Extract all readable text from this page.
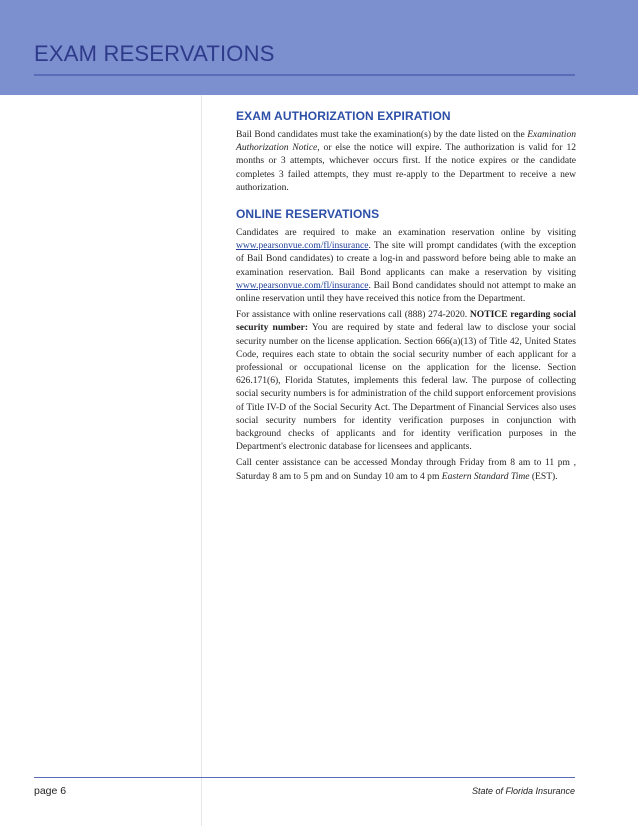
EXAM RESERVATIONS
EXAM AUTHORIZATION EXPIRATION

Bail Bond candidates must take the examination(s) by the date listed on the Examination Authorization Notice, or else the notice will expire. The authorization is valid for 12 months or 3 attempts, whichever occurs first. If the notice expires or the candidate completes 3 failed attempts, they must re-apply to the Department to receive a new authorization.

ONLINE RESERVATIONS

Candidates are required to make an examination reservation online by visiting www.pearsonvue.com/fl/insurance. The site will prompt candidates (with the exception of Bail Bond candidates) to create a log-in and password before being able to make an examination reservation. Bail Bond applicants can make a reservation by visiting www.pearsonvue.com/fl/insurance. Bail Bond candidates should not attempt to make an online reservation until they have received this notice from the Department.

For assistance with online reservations call (888) 274-2020. NOTICE regarding social security number: You are required by state and federal law to disclose your social security number on the license application. Section 666(a)(13) of Title 42, United States Code, requires each state to obtain the social security number of each applicant for a professional or occupational license on the application for the license. Section 626.171(6), Florida Statutes, implements this federal law. The purpose of collecting social security numbers is for administration of the child support enforcement provisions of Title IV-D of the Social Security Act. The Department of Financial Services also uses social security numbers for identity verification purposes in conjunction with background checks of applicants and for identity verification purposes in the Department's electronic database for licensees and applicants.

Call center assistance can be accessed Monday through Friday from 8 am to 11 pm , Saturday 8 am to 5 pm and on Sunday 10 am to 4 pm Eastern Standard Time (EST).

page 6	State of Florida Insurance
